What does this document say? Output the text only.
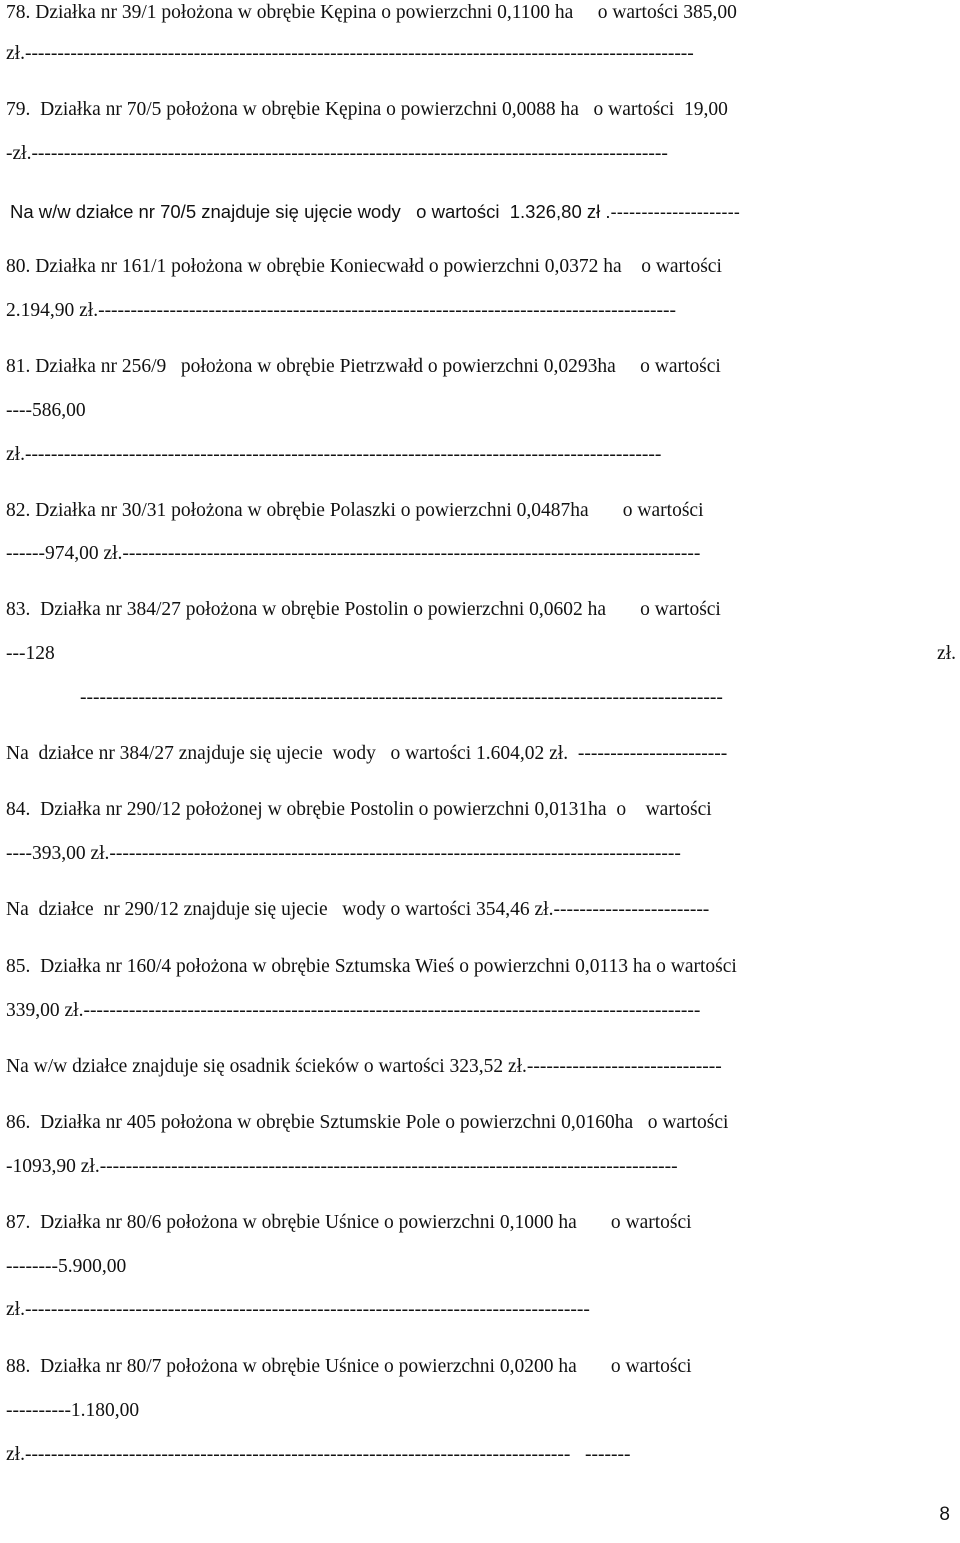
78. Działka nr 39/1 położona w obrębie Kępina o powierzchni 0,1100 ha     o wartości 385,00
zł.-------------------------------------------------------------------------------------------------------
79.  Działka nr 70/5 położona w obrębie Kępina o powierzchni 0,0088 ha   o wartości  19,00
-zł.--------------------------------------------------------------------------------------------------
Na w/w działce nr 70/5 znajduje się ujęcie wody   o wartości  1.326,80 zł .---------------------
80. Działka nr 161/1 położona w obrębie Koniecwałd o powierzchni 0,0372 ha    o wartości
2.194,90 zł.-----------------------------------------------------------------------------------------
81. Działka nr 256/9   położona w obrębie Pietrzwałd o powierzchni 0,0293ha     o wartości
----586,00
zł.--------------------------------------------------------------------------------------------------
82. Działka nr 30/31 położona w obrębie Polaszki o powierzchni 0,0487ha       o wartości
------974,00 zł.-----------------------------------------------------------------------------------------
83.  Działka nr 384/27 położona w obrębie Postolin o powierzchni 0,0602 ha       o wartości
---128	zł.
---------------------------------------------------------------------------------------------------
Na  działce nr 384/27 znajduje się ujecie  wody   o wartości 1.604,02 zł.  -----------------------
84.  Działka nr 290/12 położonej w obrębie Postolin o powierzchni 0,0131ha  o    wartości
----393,00 zł.----------------------------------------------------------------------------------------
Na  działce  nr 290/12 znajduje się ujecie   wody o wartości 354,46 zł.------------------------
85.  Działka nr 160/4 położona w obrębie Sztumska Wieś o powierzchni 0,0113 ha o wartości
339,00 zł.-----------------------------------------------------------------------------------------------
Na w/w działce znajduje się osadnik ścieków o wartości 323,52 zł.------------------------------
86.  Działka nr 405 położona w obrębie Sztumskie Pole o powierzchni 0,0160ha   o wartości
-1093,90 zł.-----------------------------------------------------------------------------------------
87.  Działka nr 80/6 położona w obrębie Uśnice o powierzchni 0,1000 ha       o wartości
--------5.900,00
zł.---------------------------------------------------------------------------------------
88.  Działka nr 80/7 położona w obrębie Uśnice o powierzchni 0,0200 ha       o wartości
----------1.180,00
zł.------------------------------------------------------------------------------------   -------
8
